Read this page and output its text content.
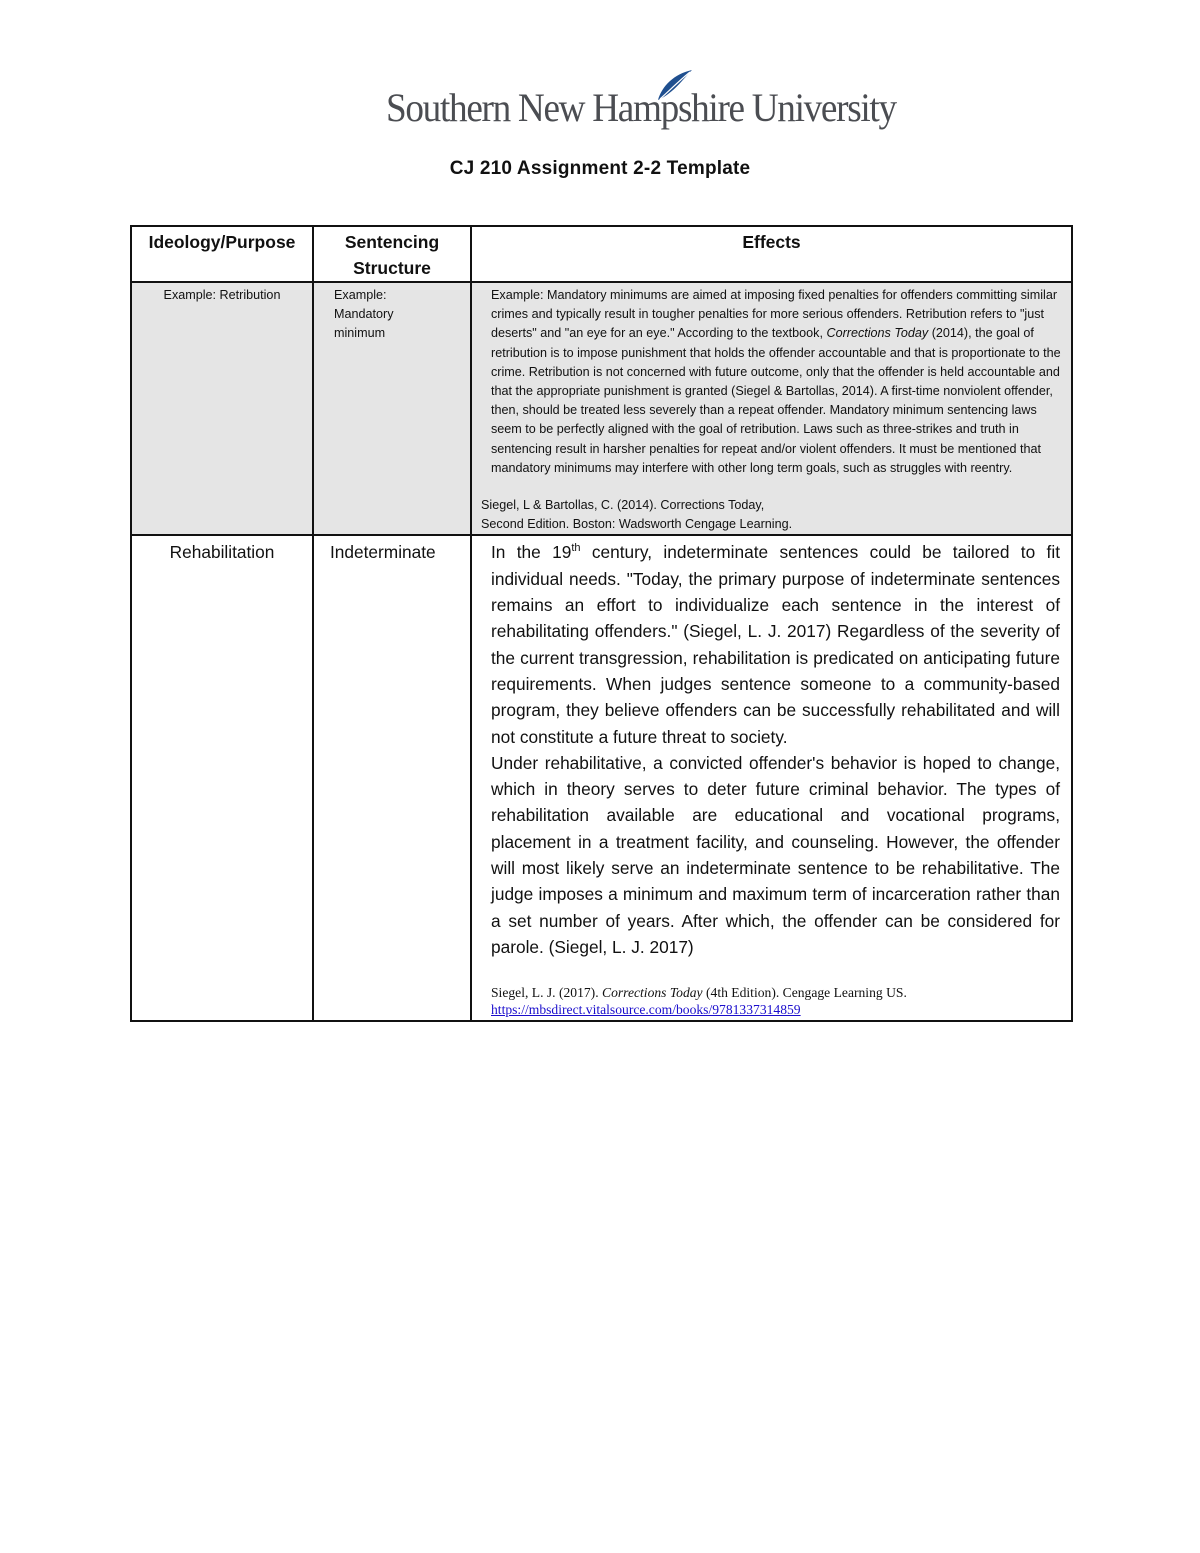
Southern New Hampshire University
CJ 210 Assignment 2-2 Template
Ideology/Purpose	Sentencing Structure	Effects
Example: Retribution	Example: Mandatory minimum	Example: Mandatory minimums are aimed at imposing fixed penalties for offenders committing similar crimes and typically result in tougher penalties for more serious offenders. Retribution refers to "just deserts" and "an eye for an eye." According to the textbook, Corrections Today (2014), the goal of retribution is to impose punishment that holds the offender accountable and that is proportionate to the crime. Retribution is not concerned with future outcome, only that the offender is held accountable and that the appropriate punishment is granted (Siegel & Bartollas, 2014). A first-time nonviolent offender, then, should be treated less severely than a repeat offender. Mandatory minimum sentencing laws seem to be perfectly aligned with the goal of retribution. Laws such as three-strikes and truth in sentencing result in harsher penalties for repeat and/or violent offenders. It must be mentioned that mandatory minimums may interfere with other long term goals, such as struggles with reentry.
Siegel, L & Bartollas, C. (2014). Corrections Today,
Second Edition. Boston: Wadsworth Cengage Learning.

Rehabilitation	Indeterminate	In the 19th century, indeterminate sentences could be tailored to fit individual needs. "Today, the primary purpose of indeterminate sentences remains an effort to individualize each sentence in the interest of rehabilitating offenders." (Siegel, L. J. 2017) Regardless of the severity of the current transgression, rehabilitation is predicated on anticipating future requirements. When judges sentence someone to a community-based program, they believe offenders can be successfully rehabilitated and will not constitute a future threat to society.
Under rehabilitative, a convicted offender's behavior is hoped to change, which in theory serves to deter future criminal behavior. The types of rehabilitation available are educational and vocational programs, placement in a treatment facility, and counseling. However, the offender will most likely serve an indeterminate sentence to be rehabilitative. The judge imposes a minimum and maximum term of incarceration rather than a set number of years. After which, the offender can be considered for parole. (Siegel, L. J. 2017)
Siegel, L. J. (2017). Corrections Today (4th Edition). Cengage Learning US. https://mbsdirect.vitalsource.com/books/9781337314859
